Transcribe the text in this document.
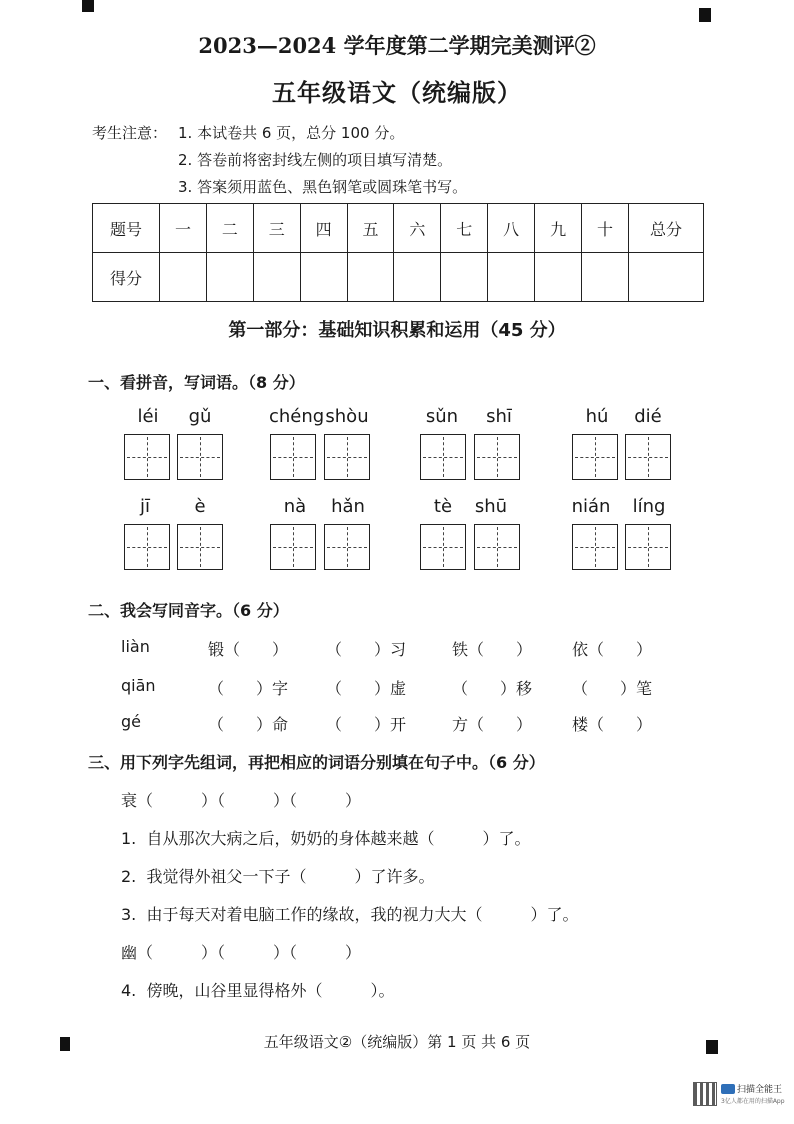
2023—2024 学年度第二学期完美测评②
五年级语文（统编版）
考生注意： 1. 本试卷共 6 页，总分 100 分。
2. 答卷前将密封线左侧的项目填写清楚。
3. 答案须用蓝色、黑色钢笔或圆珠笔书写。
题号	一	二	三	四	五	六	七	八	九	十	总分
得分											
第一部分：基础知识积累和运用（45 分）
一、看拼音，写词语。（8 分）
léi	gǔ	chéng shòu	sǔn	shī	hú	dié
jī	è	nà	hǎn	tè	shū	nián	líng
二、我会写同音字。（6 分）
liàn	锻（　　） （　　）习	铁（　　） 依（　　）
qiān	（　　）字 （　　）虚	（　　）移 （　　）笔
gé	（　　）命 （　　）开	方（　　） 楼（　　）
三、用下列字先组词，再把相应的词语分别填在句子中。（6 分）
衰（　　　）（　　　）（　　　）
1.  自从那次大病之后，奶奶的身体越来越（　　　）了。
2.  我觉得外祖父一下子（　　　）了许多。
3.  由于每天对着电脑工作的缘故，我的视力大大（　　　）了。
幽（　　　）（　　　）（　　　）
4.  傍晚，山谷里显得格外（　　　）。
五年级语文②（统编版）第 1 页 共 6 页
扫描全能王
3亿人都在用的扫描App
